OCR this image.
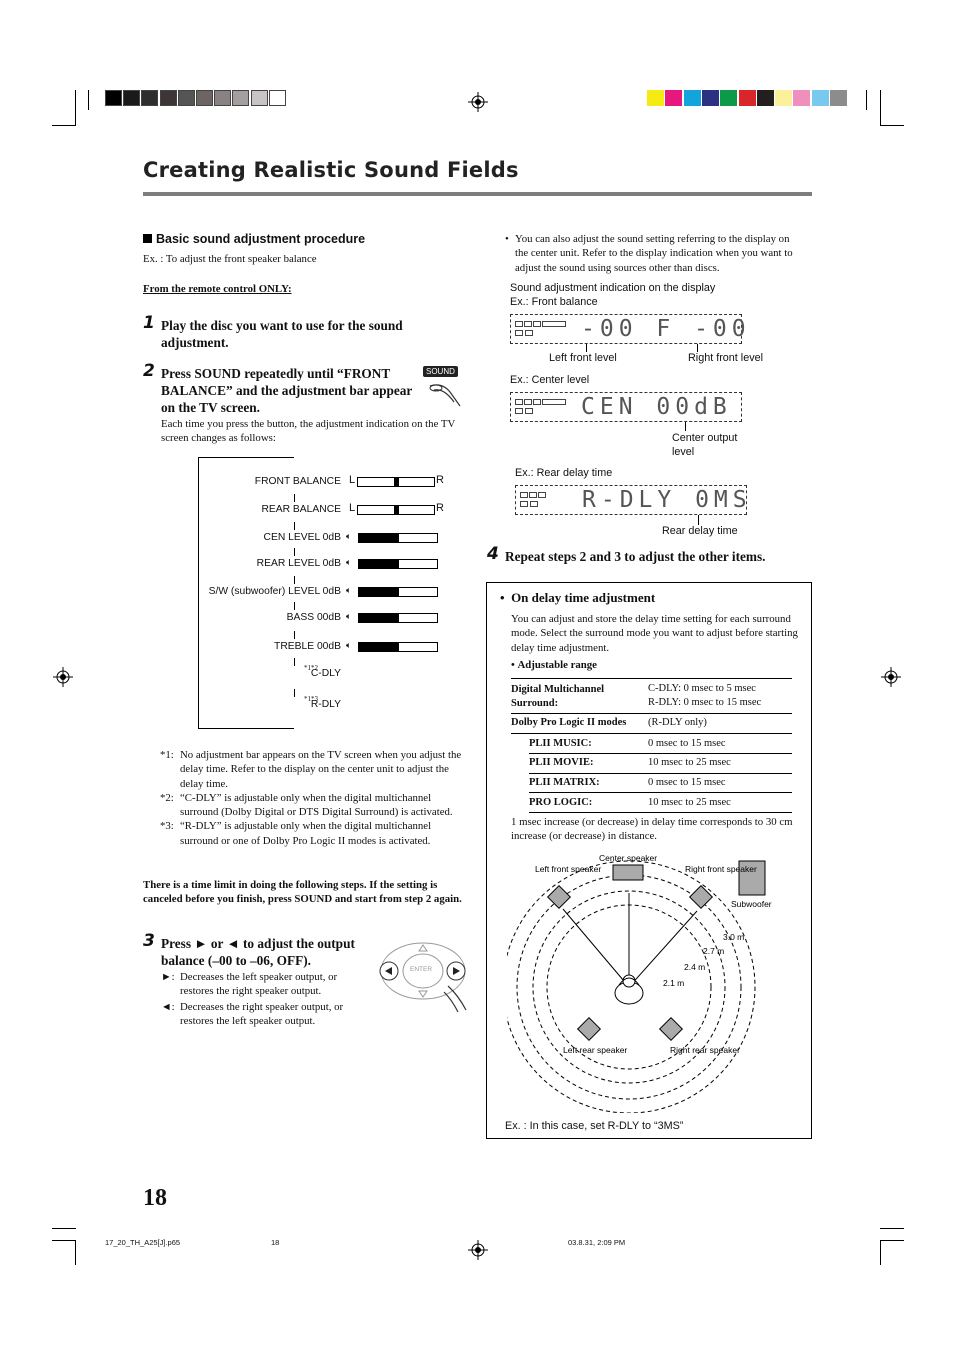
Creating Realistic Sound Fields
Basic sound adjustment procedure
Ex. : To adjust the front speaker balance
From the remote control ONLY:
1 Play the disc you want to use for the sound adjustment.
2 Press SOUND repeatedly until “FRONT BALANCE” and the adjustment bar appear on the TV screen.
SOUND
Each time you press the button, the adjustment indication on the TV screen changes as follows:
FRONT BALANCE L	R
REAR BALANCE L	R
CEN LEVEL 0dB 🔈︎
REAR LEVEL 0dB 🔈︎
S/W (subwoofer) LEVEL 0dB 🔈︎
BASS 00dB 🔈︎
TREBLE 00dB 🔈︎
C-DLY
*1*2
R-DLY
*1*3
*1: No adjustment bar appears on the TV screen when you adjust the delay time. Refer to the display on the center unit to adjust the delay time.
*2: “C-DLY” is adjustable only when the digital multichannel surround (Dolby Digital or DTS Digital Surround) is activated.
*3: “R-DLY” is adjustable only when the digital multichannel surround or one of Dolby Pro Logic II modes is activated.
There is a time limit in doing the following steps. If the setting is canceled before you finish, press SOUND and start from step 2 again.
3 Press ► or ◄ to adjust the output balance (–00 to –06, OFF).
►: Decreases the left speaker output, or restores the right speaker output.
◄: Decreases the right speaker output, or restores the left speaker output.
ENTER
• You can also adjust the sound setting referring to the display on the center unit. Refer to the display indication when you want to adjust the sound using sources other than discs.
Sound adjustment indication on the display
Ex.: Front balance
-00 F -00
Left front level	Right front level
Ex.: Center level
CEN 00dB
Center output level
Ex.: Rear delay time
R-DLY 0MS
Rear delay time
4 Repeat steps 2 and 3 to adjust the other items.
•  On delay time adjustment
You can adjust and store the delay time setting for each surround mode. Select the surround mode you want to adjust before starting delay time adjustment.
• Adjustable range
Digital Multichannel Surround:
C-DLY: 0 msec to 5 msec
R-DLY: 0 msec to 15 msec
Dolby Pro Logic II modes (R-DLY only)
PLII MUSIC:	0 msec to 15 msec
PLII MOVIE:	10 msec to 25 msec
PLII MATRIX:	0 msec to 15 msec
PRO LOGIC:	10 msec to 25 msec
1 msec increase (or decrease) in delay time corresponds to 30 cm increase (or decrease) in distance.
Center speaker
Left front speaker	Right front speaker
Subwoofer
Left rear speaker	Right rear speaker
3.0 m
2.7 m
2.4 m
2.1 m
Ex. : In this case, set R-DLY to “3MS”
18
17_20_TH_A25[J].p65	18	03.8.31, 2:09 PM
